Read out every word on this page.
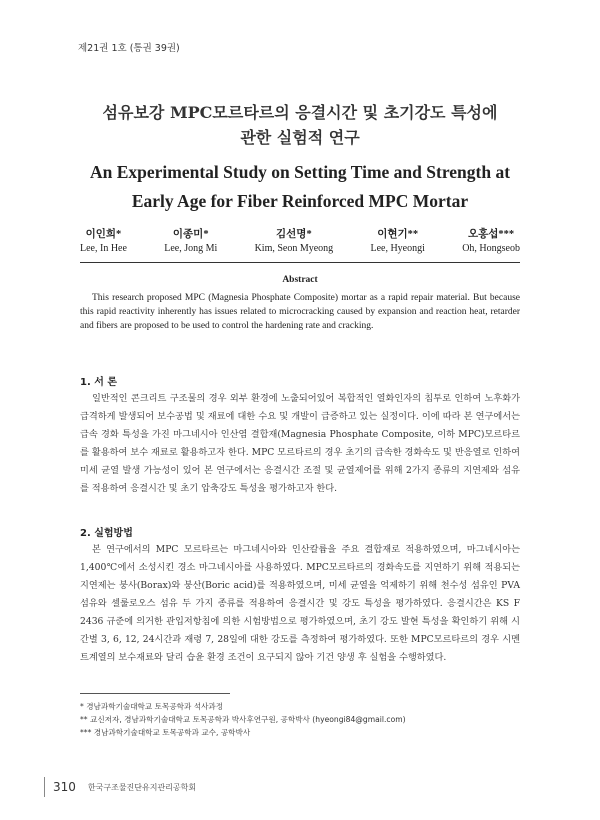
제21권 1호 (통권 39권)
섬유보강 MPC모르타르의 응결시간 및 초기강도 특성에
관한 실험적 연구
An Experimental Study on Setting Time and Strength at
Early Age for Fiber Reinforced MPC Mortar
이인희*
Lee, In Hee
이종미*
Lee, Jong Mi
김선명*
Kim, Seon Myeong
이현기**
Lee, Hyeongi
오홍섭***
Oh, Hongseob
Abstract
This research proposed MPC (Magnesia Phosphate Composite) mortar as a rapid repair material. But because this rapid reactivity inherently has issues related to microcracking caused by expansion and reaction heat, retarder and fibers are proposed to be used to control the hardening rate and cracking.
1. 서 론
일반적인 콘크리트 구조물의 경우 외부 환경에 노출되어있어 복합적인 열화인자의 침투로 인하여 노후화가 급격하게 발생되어 보수공법 및 재료에 대한 수요 및 개발이 급증하고 있는 실정이다. 이에 따라 본 연구에서는 급속 경화 특성을 가진 마그네시아 인산염 결합재(Magnesia Phosphate Composite, 이하 MPC)모르타르를 활용하여 보수 재료로 활용하고자 한다. MPC 모르타르의 경우 초기의 급속한 경화속도 및 반응열로 인하여 미세 균열 발생 가능성이 있어 본 연구에서는 응결시간 조절 및 균열제어를 위해 2가지 종류의 지연제와 섬유를 적용하여 응결시간 및 초기 압축강도 특성을 평가하고자 한다.
2. 실험방법
본 연구에서의 MPC 모르타르는 마그네시아와 인산칼륨을 주요 결합재로 적용하였으며, 마그네시아는 1,400℃에서 소성시킨 경소 마그네시아를 사용하였다. MPC모르타르의 경화속도를 지연하기 위해 적용되는 지연제는 붕사(Borax)와 붕산(Boric acid)를 적용하였으며, 미세 균열을 억제하기 위해 천수성 섬유인 PVA섬유와 셀룰로오스 섬유 두 가지 종류를 적용하여 응결시간 및 강도 특성을 평가하였다. 응결시간은 KS F 2436 규준에 의거한 관입저항침에 의한 시험방법으로 평가하였으며, 초기 강도 발현 특성을 확인하기 위해 시간별 3, 6, 12, 24시간과 재령 7, 28일에 대한 강도를 측정하여 평가하였다. 또한 MPC모르타르의 경우 시멘트계열의 보수재료와 달리 습윤 환경 조건이 요구되지 않아 기건 양생 후 실험을 수행하였다.
* 경남과학기술대학교 토목공학과 석사과정
** 교신저자, 경남과학기술대학교 토목공학과 박사후연구원, 공학박사 (hyeongi84@gmail.com)
*** 경남과학기술대학교 토목공학과 교수, 공학박사
310 한국구조물진단유지관리공학회
